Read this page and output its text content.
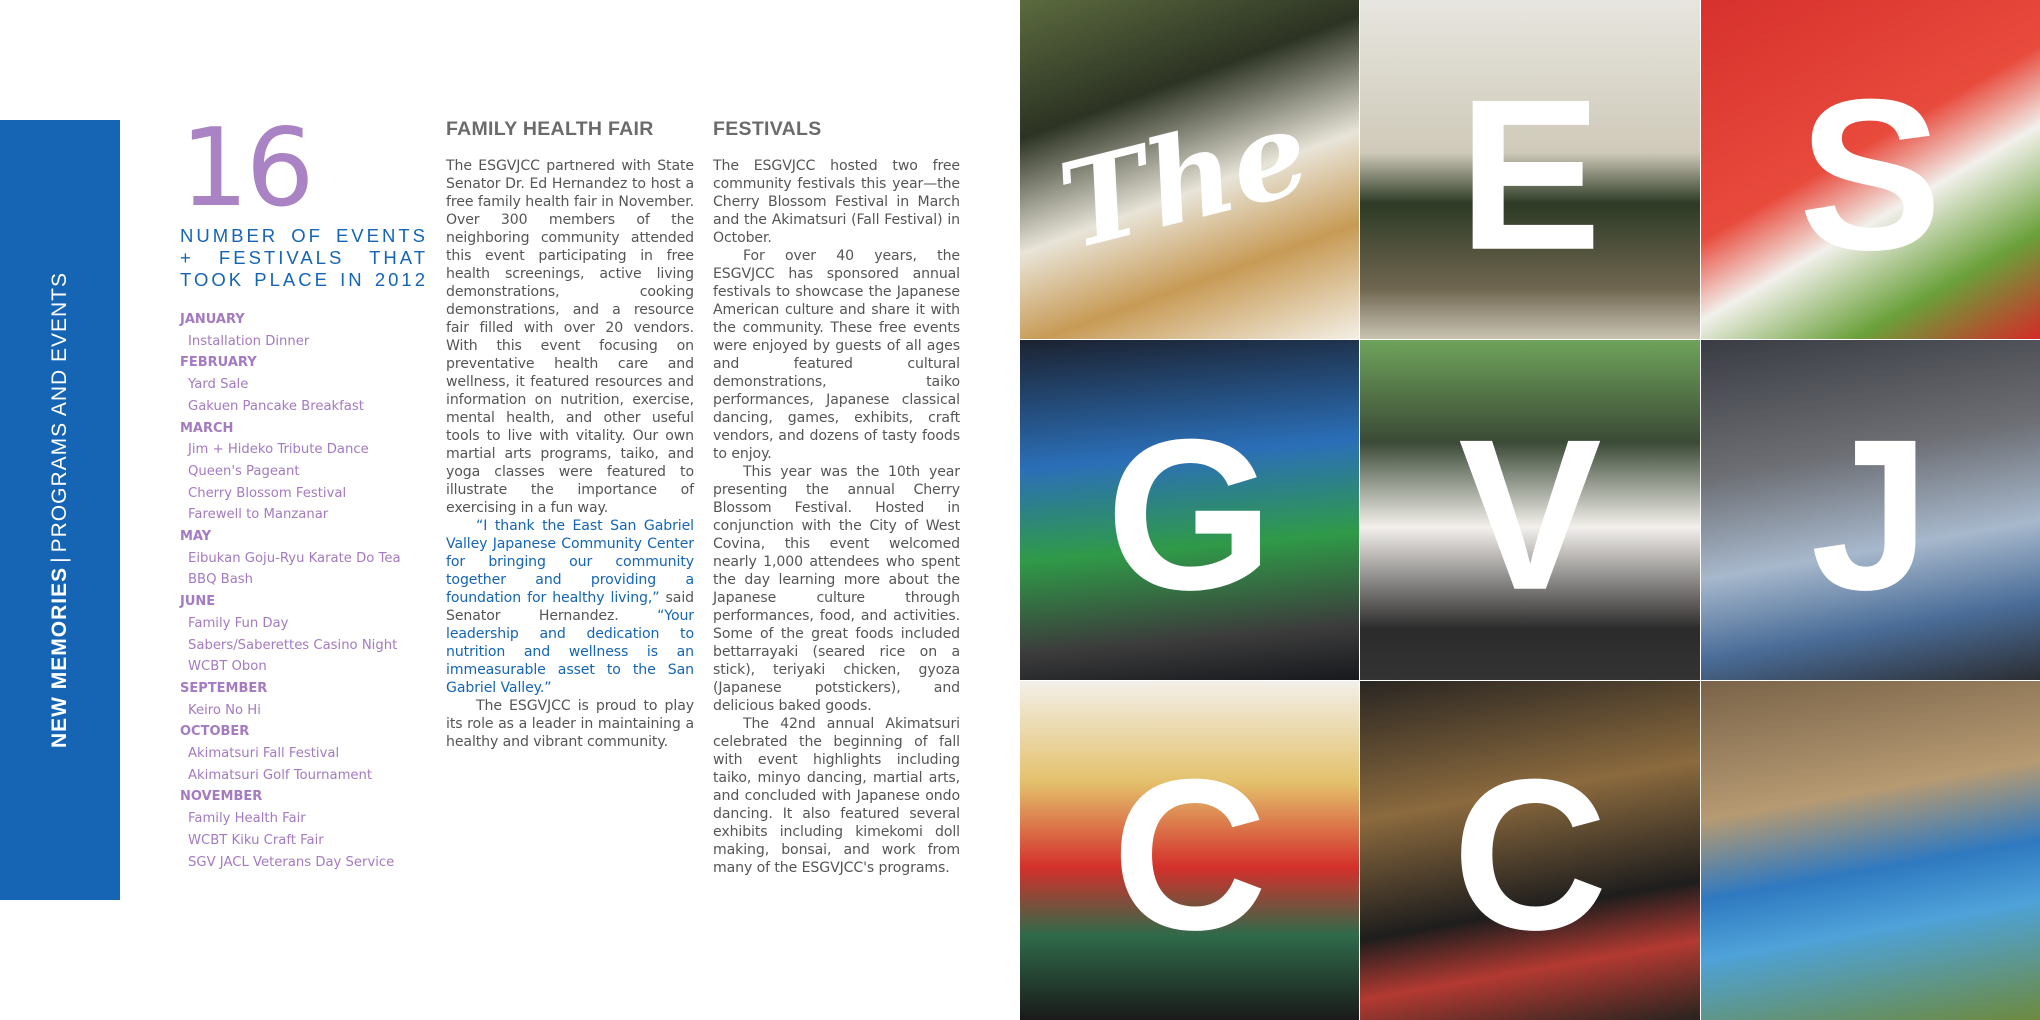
NEW MEMORIES|PROGRAMS AND EVENTS
16
NUMBER OF EVENTS + FESTIVALS THAT TOOK PLACE IN 2012
JANUARY
Installation Dinner
FEBRUARY
Yard Sale
Gakuen Pancake Breakfast
MARCH
Jim + Hideko Tribute Dance
Queen's Pageant
Cherry Blossom Festival
Farewell to Manzanar
MAY
Eibukan Goju-Ryu Karate Do Tea
BBQ Bash
JUNE
Family Fun Day
Sabers/Saberettes Casino Night
WCBT Obon
SEPTEMBER
Keiro No Hi
OCTOBER
Akimatsuri Fall Festival
Akimatsuri Golf Tournament
NOVEMBER
Family Health Fair
WCBT Kiku Craft Fair
SGV JACL Veterans Day Service
FAMILY HEALTH FAIR

The ESGVJCC partnered with State Senator Dr. Ed Hernandez to host a free family health fair in November. Over 300 members of the neighboring community attended this event participating in free health screenings, active living demonstrations, cooking demonstrations, and a resource fair filled with over 20 vendors. With this event focusing on preventative health care and wellness, it featured resources and information on nutrition, exercise, mental health, and other useful tools to live with vitality. Our own martial arts programs, taiko, and yoga classes were featured to illustrate the importance of exercising in a fun way.

“I thank the East San Gabriel Valley Japanese Community Center for bringing our community together and providing a foundation for healthy living,” said Senator Hernandez. “Your leadership and dedication to nutrition and wellness is an immeasurable asset to the San Gabriel Valley.”

The ESGVJCC is proud to play its role as a leader in maintaining a healthy and vibrant community.

FESTIVALS

The ESGVJCC hosted two free community festivals this year—the Cherry Blossom Festival in March and the Akimatsuri (Fall Festival) in October.

For over 40 years, the ESGVJCC has sponsored annual festivals to showcase the Japanese American culture and share it with the community. These free events were enjoyed by guests of all ages and featured cultural demonstrations, taiko performances, Japanese classical dancing, games, exhibits, craft vendors, and dozens of tasty foods to enjoy.

This year was the 10th year presenting the annual Cherry Blossom Festival. Hosted in conjunction with the City of West Covina, this event welcomed nearly 1,000 attendees who spent the day learning more about the Japanese culture through performances, food, and activities. Some of the great foods included bettarrayaki (seared rice on a stick), teriyaki chicken, gyoza (Japanese potstickers), and delicious baked goods.

The 42nd annual Akimatsuri celebrated the beginning of fall with event highlights including taiko, minyo dancing, martial arts, and concluded with Japanese ondo dancing. It also featured several exhibits including kimekomi doll making, bonsai, and work from many of the ESGVJCC's programs.

The E S
G V J
C C
